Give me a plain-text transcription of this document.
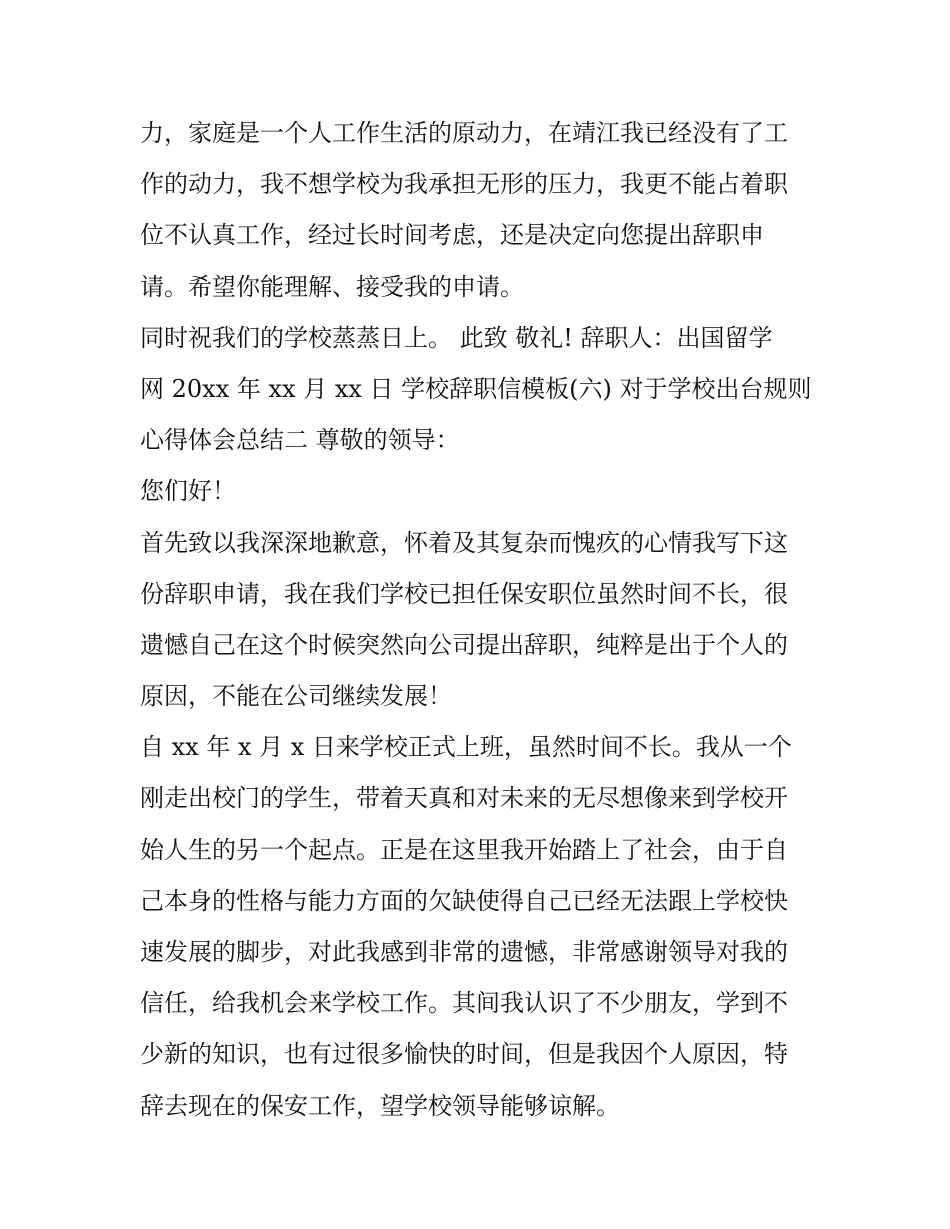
力，家庭是一个人工作生活的原动力，在靖江我已经没有了工
作的动力，我不想学校为我承担无形的压力，我更不能占着职
位不认真工作，经过长时间考虑，还是决定向您提出辞职申
请。希望你能理解、接受我的申请。
同时祝我们的学校蒸蒸日上。 此致 敬礼! 辞职人：出国留学
网 20xx 年 xx 月 xx 日 学校辞职信模板(六) 对于学校出台规则
心得体会总结二 尊敬的领导：
您们好！
首先致以我深深地歉意，怀着及其复杂而愧疚的心情我写下这
份辞职申请，我在我们学校已担任保安职位虽然时间不长，很
遗憾自己在这个时候突然向公司提出辞职，纯粹是出于个人的
原因，不能在公司继续发展！
自 xx 年 x 月 x 日来学校正式上班，虽然时间不长。我从一个
刚走出校门的学生，带着天真和对未来的无尽想像来到学校开
始人生的另一个起点。正是在这里我开始踏上了社会，由于自
己本身的性格与能力方面的欠缺使得自己已经无法跟上学校快
速发展的脚步，对此我感到非常的遗憾，非常感谢领导对我的
信任，给我机会来学校工作。其间我认识了不少朋友，学到不
少新的知识，也有过很多愉快的时间，但是我因个人原因，特
辞去现在的保安工作，望学校领导能够谅解。
